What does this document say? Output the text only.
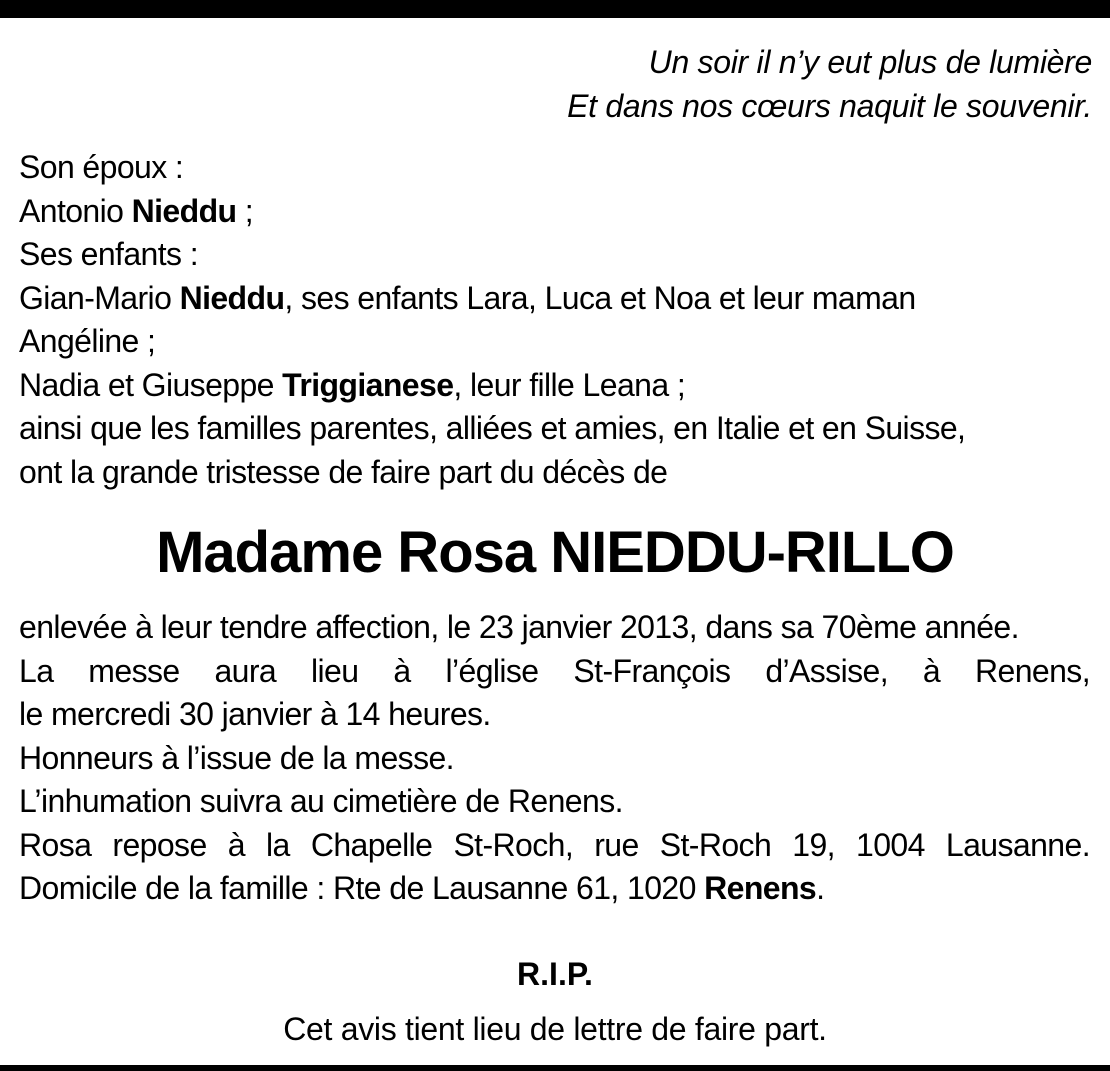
Un soir il n’y eut plus de lumière
Et dans nos cœurs naquit le souvenir.
Son époux :
Antonio Nieddu ;
Ses enfants :
Gian-Mario Nieddu, ses enfants Lara, Luca et Noa et leur maman
Angéline ;
Nadia et Giuseppe Triggianese, leur fille Leana ;
ainsi que les familles parentes, alliées et amies, en Italie et en Suisse,
ont la grande tristesse de faire part du décès de
Madame Rosa NIEDDU-RILLO
enlevée à leur tendre affection, le 23 janvier 2013, dans sa 70ème année.
La messe aura lieu à l’église St-François d’Assise, à Renens,
le mercredi 30 janvier à 14 heures.
Honneurs à l’issue de la messe.
L’inhumation suivra au cimetière de Renens.
Rosa repose à la Chapelle St-Roch, rue St-Roch 19, 1004 Lausanne.
Domicile de la famille : Rte de Lausanne 61, 1020 Renens.
R.I.P.
Cet avis tient lieu de lettre de faire part.
